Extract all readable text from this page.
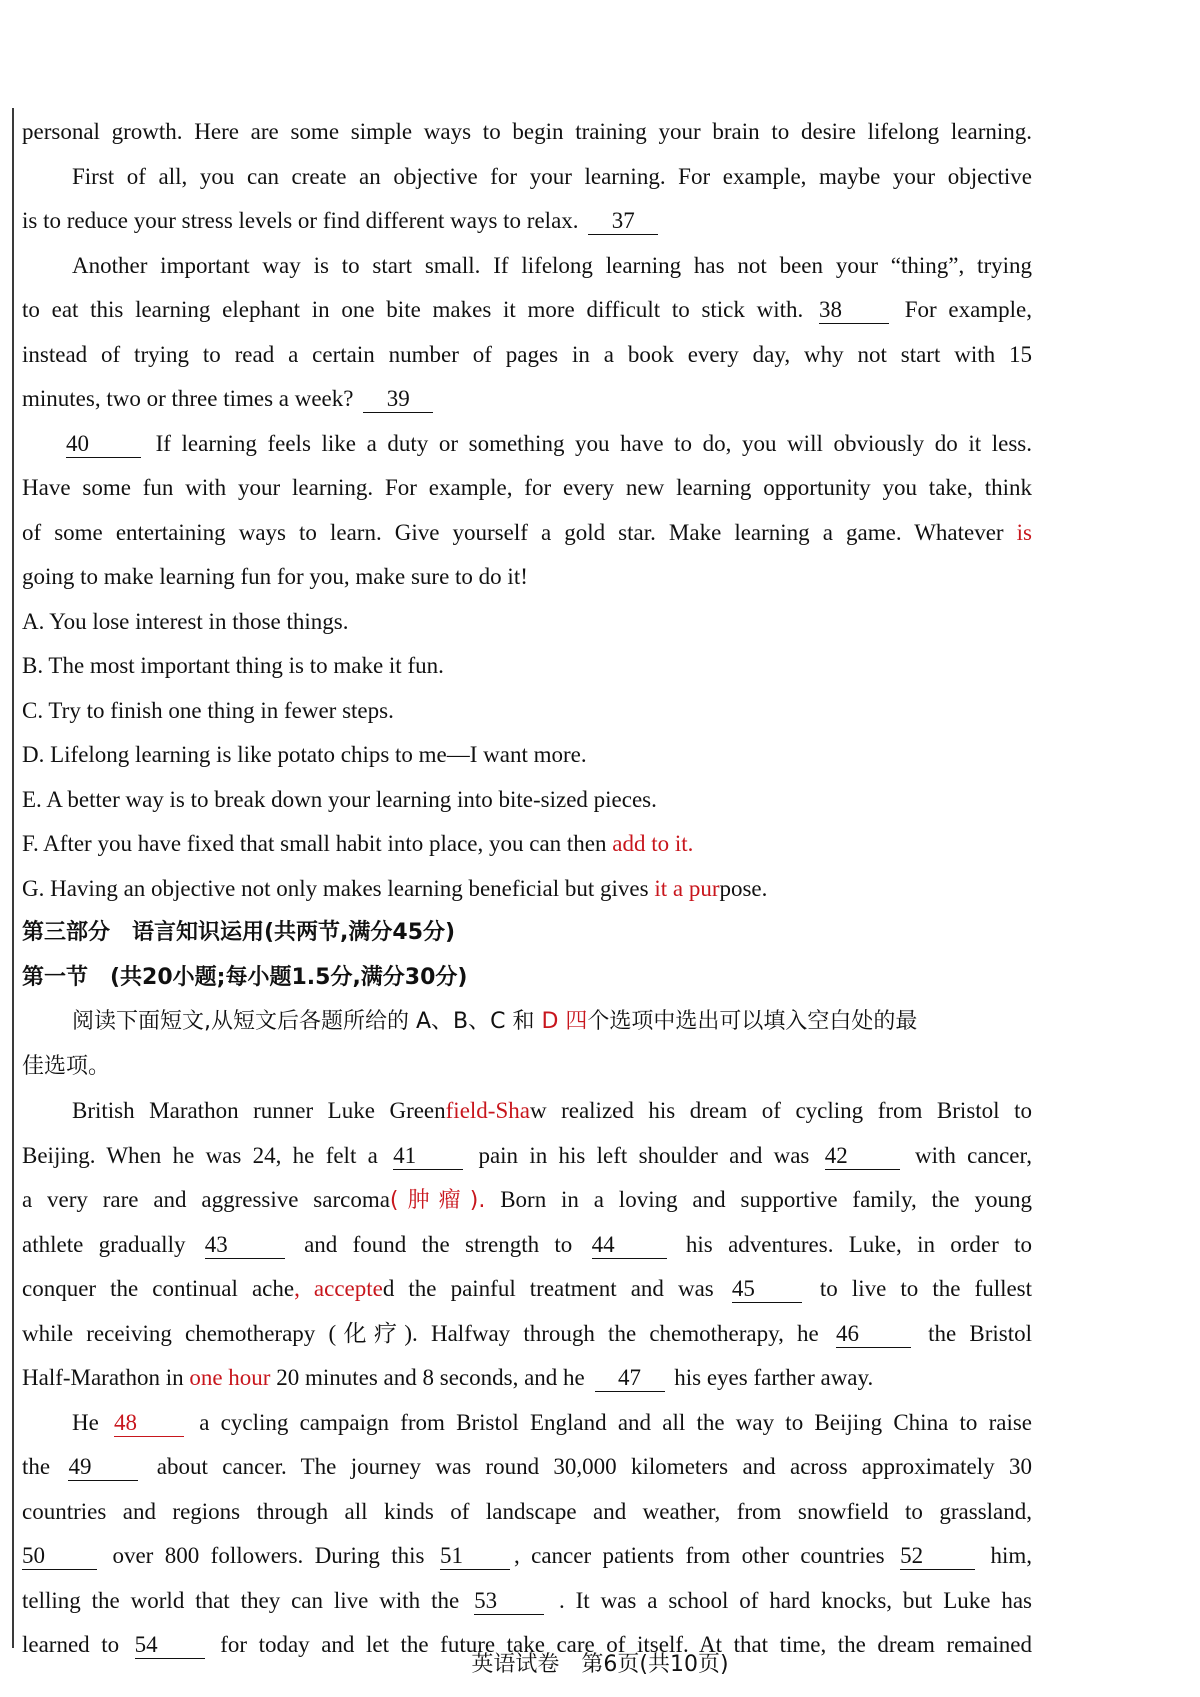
personal growth. Here are some simple ways to begin training your brain to desire lifelong learning.
First of all, you can create an objective for your learning. For example, maybe your objective
is to reduce your stress levels or find different ways to relax. 37
Another important way is to start small. If lifelong learning has not been your “thing”, trying
to eat this learning elephant in one bite makes it more difficult to stick with. 38	For example,
instead of trying to read a certain number of pages in a book every day, why not start with 15
minutes, two or three times a week? 39
40	If learning feels like a duty or something you have to do, you will obviously do it less.
Have some fun with your learning. For example, for every new learning opportunity you take, think
of some entertaining ways to learn. Give yourself a gold star. Make learning a game. Whatever is
going to make learning fun for you, make sure to do it!
A. You lose interest in those things.
B. The most important thing is to make it fun.
C. Try to finish one thing in fewer steps.
D. Lifelong learning is like potato chips to me—I want more.
E. A better way is to break down your learning into bite-sized pieces.
F. After you have fixed that small habit into place, you can then add to it.
G. Having an objective not only makes learning beneficial but gives it a purpose.
第三部分　语言知识运用(共两节,满分45分)
第一节　(共20小题;每小题1.5分,满分30分)
阅读下面短文,从短文后各题所给的 A、B、C 和 D 四个选项中选出可以填入空白处的最
佳选项。
British Marathon runner Luke Greenfield-Shaw realized his dream of cycling from Bristol to
Beijing. When he was 24, he felt a 41	pain in his left shoulder and was 42	with cancer,
a very rare and aggressive sarcoma(肿瘤). Born in a loving and supportive family, the young
athlete gradually 43	and found the strength to 44	his adventures. Luke, in order to
conquer the continual ache, accepted the painful treatment and was 45	to live to the fullest
while receiving chemotherapy (化疗). Halfway through the chemotherapy, he 46	the Bristol
Half-Marathon in one hour 20 minutes and 8 seconds, and he 47 his eyes farther away.
He 48	a cycling campaign from Bristol England and all the way to Beijing China to raise
the 49	about cancer. The journey was round 30,000 kilometers and across approximately 30
countries and regions through all kinds of landscape and weather, from snowfield to grassland,
50	over 800 followers. During this 51 , cancer patients from other countries 52	him,
telling the world that they can live with the 53	. It was a school of hard knocks, but Luke has
learned to 54	for today and let the future take care of itself. At that time, the dream remained
英语试卷　第6页(共10页)
